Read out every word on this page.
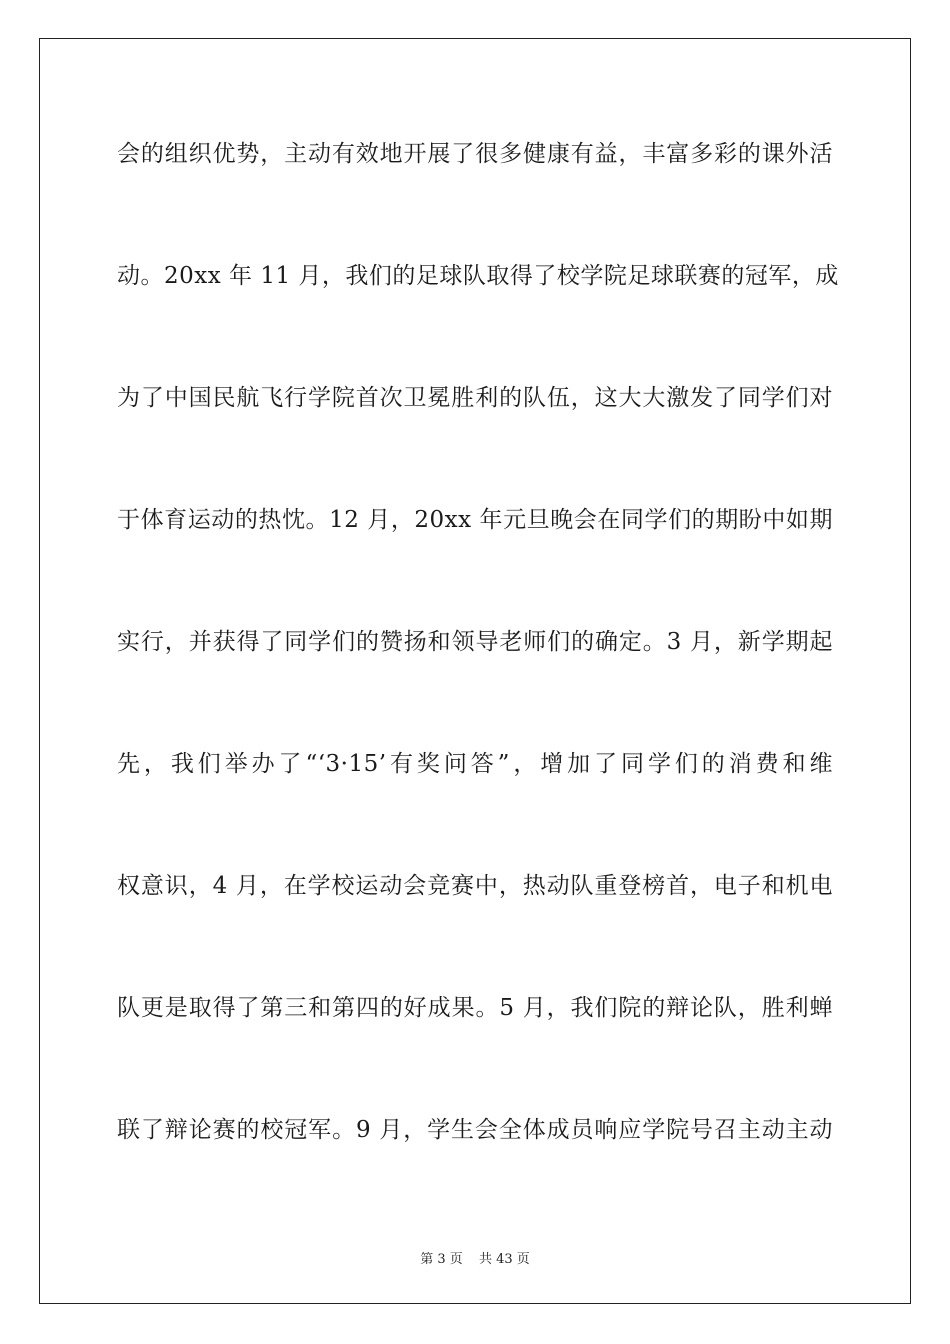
会的组织优势，主动有效地开展了很多健康有益，丰富多彩的课外活
动。20xx 年 11 月，我们的足球队取得了校学院足球联赛的冠军，成
为了中国民航飞行学院首次卫冕胜利的队伍，这大大激发了同学们对
于体育运动的热忱。12 月，20xx 年元旦晚会在同学们的期盼中如期
实行，并获得了同学们的赞扬和领导老师们的确定。3 月，新学期起
先，我们举办了“‘3·15’有奖问答”，增加了同学们的消费和维
权意识，4 月，在学校运动会竞赛中，热动队重登榜首，电子和机电
队更是取得了第三和第四的好成果。5 月，我们院的辩论队，胜利蝉
联了辩论赛的校冠军。9 月，学生会全体成员响应学院号召主动主动
第 3 页 共 43 页
